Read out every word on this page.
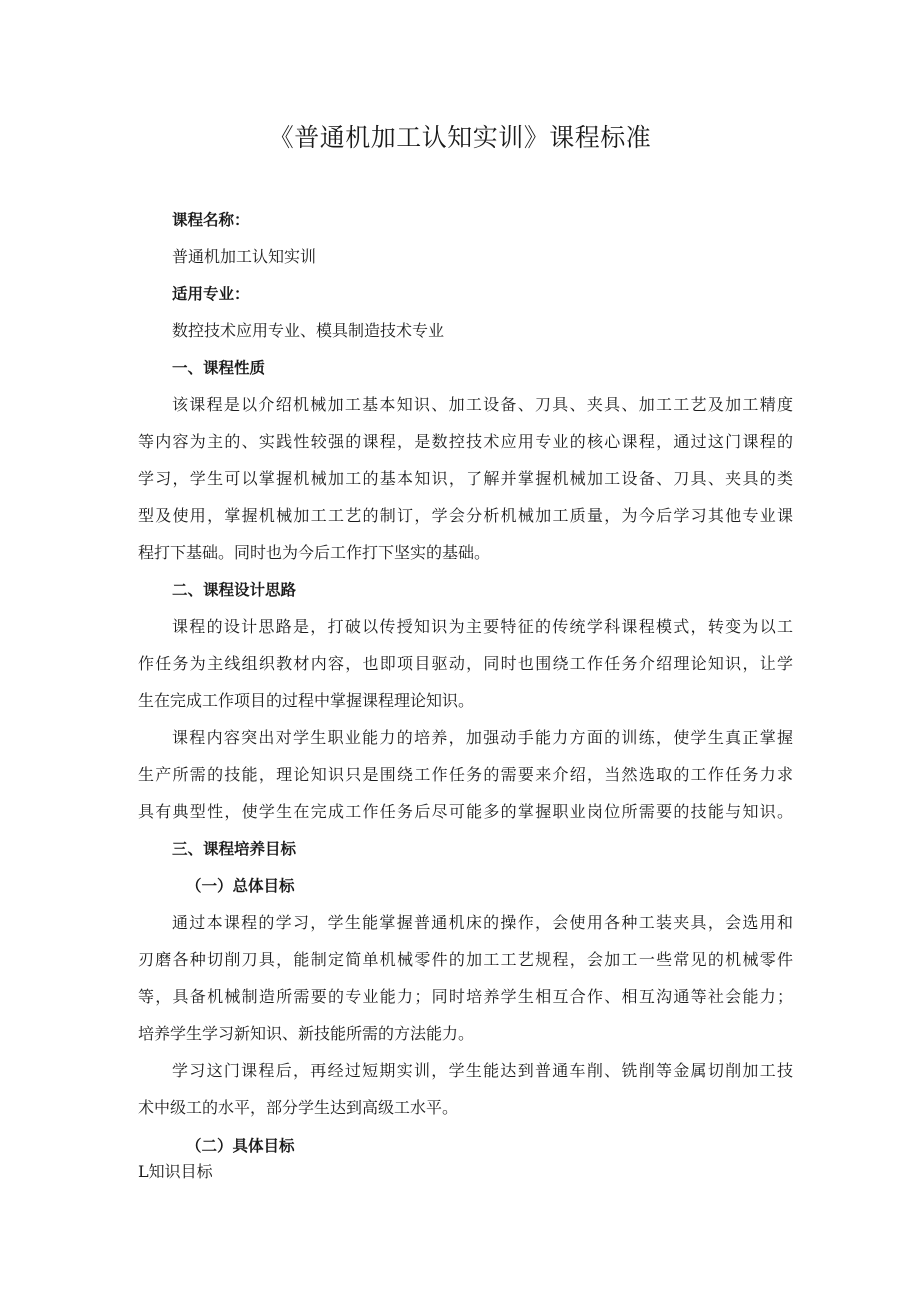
《普通机加工认知实训》课程标准
课程名称：
普通机加工认知实训
适用专业：
数控技术应用专业、模具制造技术专业
一、课程性质
该课程是以介绍机械加工基本知识、加工设备、刀具、夹具、加工工艺及加工精度
等内容为主的、实践性较强的课程，是数控技术应用专业的核心课程，通过这门课程的
学习，学生可以掌握机械加工的基本知识，了解并掌握机械加工设备、刀具、夹具的类
型及使用，掌握机械加工工艺的制订，学会分析机械加工质量，为今后学习其他专业课
程打下基础。同时也为今后工作打下坚实的基础。
二、课程设计思路
课程的设计思路是，打破以传授知识为主要特征的传统学科课程模式，转变为以工
作任务为主线组织教材内容，也即项目驱动，同时也围绕工作任务介绍理论知识，让学
生在完成工作项目的过程中掌握课程理论知识。
课程内容突出对学生职业能力的培养，加强动手能力方面的训练，使学生真正掌握
生产所需的技能，理论知识只是围绕工作任务的需要来介绍，当然选取的工作任务力求
具有典型性，使学生在完成工作任务后尽可能多的掌握职业岗位所需要的技能与知识。
三、课程培养目标
（一）总体目标
通过本课程的学习，学生能掌握普通机床的操作，会使用各种工装夹具，会选用和
刃磨各种切削刀具，能制定简单机械零件的加工工艺规程，会加工一些常见的机械零件
等，具备机械制造所需要的专业能力；同时培养学生相互合作、相互沟通等社会能力；
培养学生学习新知识、新技能所需的方法能力。
学习这门课程后，再经过短期实训，学生能达到普通车削、铣削等金属切削加工技
术中级工的水平，部分学生达到高级工水平。
（二）具体目标
L知识目标
